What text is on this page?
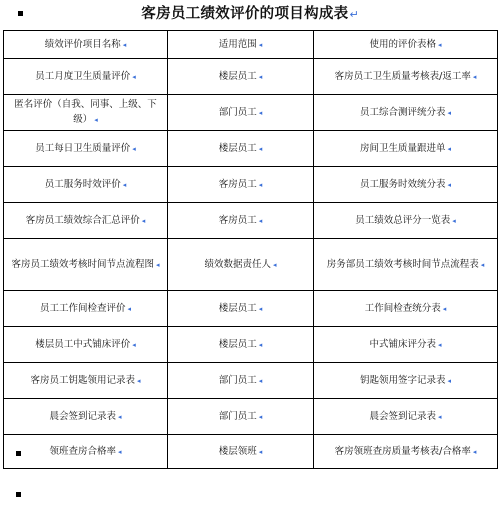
客房员工绩效评价的项目构成表↵
绩效评价项目名称 ◂	适用范围 ◂	使用的评价表格 ◂
员工月度卫生质量评价 ◂	楼层员工 ◂	客房员工卫生质量考核表/返工率 ◂
匿名评价（自我、同事、上级、下级） ◂	部门员工 ◂	员工综合测评统分表 ◂
员工每日卫生质量评价 ◂	楼层员工 ◂	房间卫生质量跟进单 ◂
员工服务时效评价 ◂	客房员工 ◂	员工服务时效统分表 ◂
客房员工绩效综合汇总评价 ◂	客房员工 ◂	员工绩效总评分一览表 ◂
客房员工绩效考核时间节点流程图 ◂	绩效数据责任人 ◂	房务部员工绩效考核时间节点流程表 ◂
员工工作间检查评价 ◂	楼层员工 ◂	工作间检查统分表 ◂
楼层员工中式铺床评价 ◂	楼层员工 ◂	中式铺床评分表 ◂
客房员工钥匙领用记录表 ◂	部门员工 ◂	钥匙领用签字记录表 ◂
晨会签到记录表 ◂	部门员工 ◂	晨会签到记录表 ◂
领班查房合格率 ◂	楼层领班 ◂	客房领班查房质量考核表/合格率 ◂
